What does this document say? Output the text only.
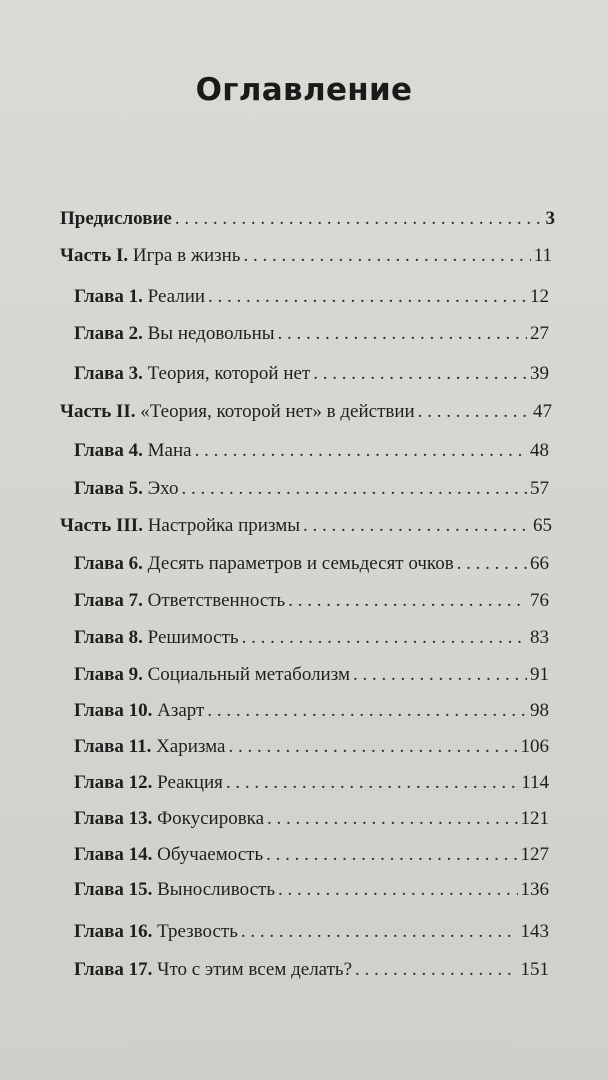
Оглавление
Предисловие . . .	3
Часть I. Игра в жизнь . . .	11
Глава 1. Реалии . . .	12
Глава 2. Вы недовольны . . .	27
Глава 3. Теория, которой нет . . .	39
Часть II. «Теория, которой нет» в действии . . .	47
Глава 4. Мана . . .	48
Глава 5. Эхо . . .	57
Часть III. Настройка призмы . . .	65
Глава 6. Десять параметров и семьдесят очков . . .	66
Глава 7. Ответственность . . .	76
Глава 8. Решимость . . .	83
Глава 9. Социальный метаболизм . . .	91
Глава 10. Азарт . . .	98
Глава 11. Харизма . . .	106
Глава 12. Реакция . . .	114
Глава 13. Фокусировка . . .	121
Глава 14. Обучаемость . . .	127
Глава 15. Выносливость . . .	136
Глава 16. Трезвость . . .	143
Глава 17. Что с этим всем делать? . . .	151
